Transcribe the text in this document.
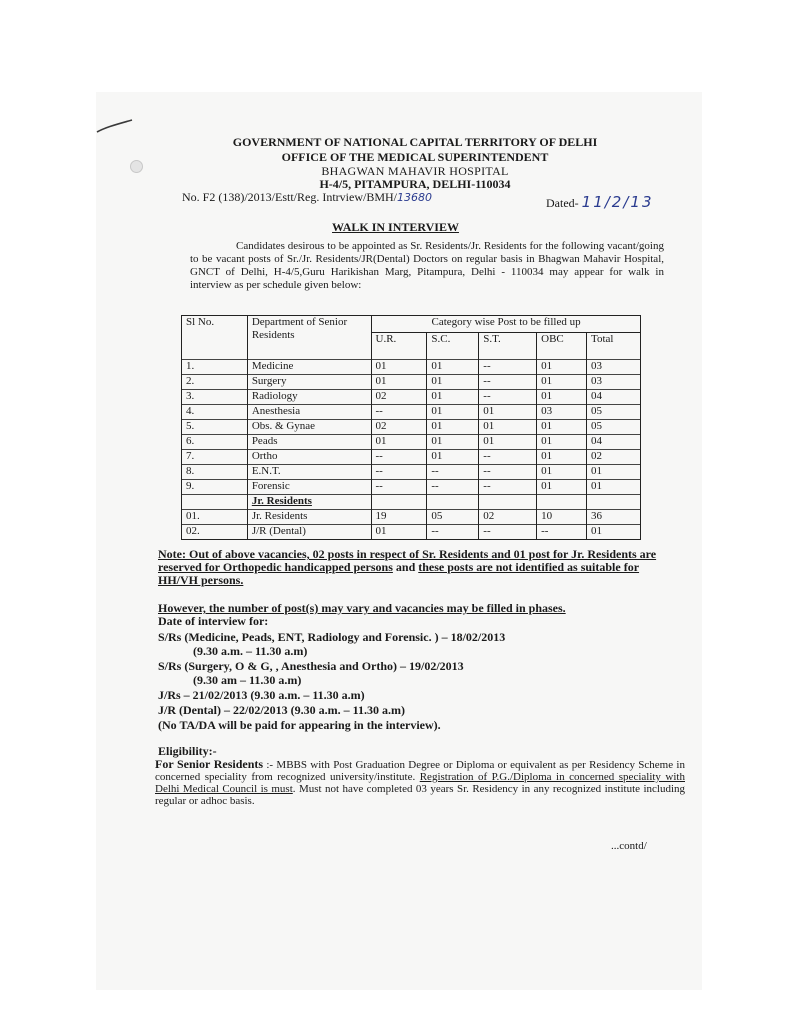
GOVERNMENT OF NATIONAL CAPITAL TERRITORY OF DELHI
OFFICE OF THE MEDICAL SUPERINTENDENT
BHAGWAN MAHAVIR HOSPITAL
H-4/5, PITAMPURA, DELHI-110034
No. F2 (138)/2013/Estt/Reg. Intrview/BMH/13680	Dated- 11/2/13
WALK IN INTERVIEW
Candidates desirous to be appointed as Sr. Residents/Jr. Residents for the following vacant/going to be vacant posts of Sr./Jr. Residents/JR(Dental) Doctors on regular basis in Bhagwan Mahavir Hospital, GNCT of Delhi, H-4/5,Guru Harikishan Marg, Pitampura, Delhi - 110034 may appear for walk in interview as per schedule given below:
Sl No.	Department of Senior Residents	Category wise Post to be filled up				
		U.R.	S.C.	S.T.	OBC	Total
1.	Medicine	01	01	--	01	03
2.	Surgery	01	01	--	01	03
3.	Radiology	02	01	--	01	04
4.	Anesthesia	--	01	01	03	05
5.	Obs. & Gynae	02	01	01	01	05
6.	Peads	01	01	01	01	04
7.	Ortho	--	01	--	01	02
8.	E.N.T.	--	--	--	01	01
9.	Forensic	--	--	--	01	01
	Jr. Residents					
01.	Jr. Residents	19	05	02	10	36
02.	J/R (Dental)	01	--	--	--	01
Note: Out of above vacancies, 02 posts in respect of Sr. Residents and 01 post for Jr. Residents are reserved for Orthopedic handicapped persons and these posts are not identified as suitable for HH/VH persons.
However, the number of post(s) may vary and vacancies may be filled in phases.
Date of interview for:
S/Rs (Medicine, Peads, ENT, Radiology and Forensic. ) – 18/02/2013
(9.30 a.m. – 11.30 a.m)
S/Rs (Surgery, O & G, , Anesthesia and Ortho) – 19/02/2013
(9.30 am – 11.30 a.m)
J/Rs – 21/02/2013 (9.30 a.m. – 11.30 a.m)
J/R (Dental) – 22/02/2013 (9.30 a.m. – 11.30 a.m)
(No TA/DA will be paid for appearing in the interview).
Eligibility:-
For Senior Residents :- MBBS with Post Graduation Degree or Diploma or equivalent as per Residency Scheme in concerned speciality from recognized university/institute. Registration of P.G./Diploma in concerned speciality with Delhi Medical Council is must. Must not have completed 03 years Sr. Residency in any recognized institute including regular or adhoc basis.
...contd/
